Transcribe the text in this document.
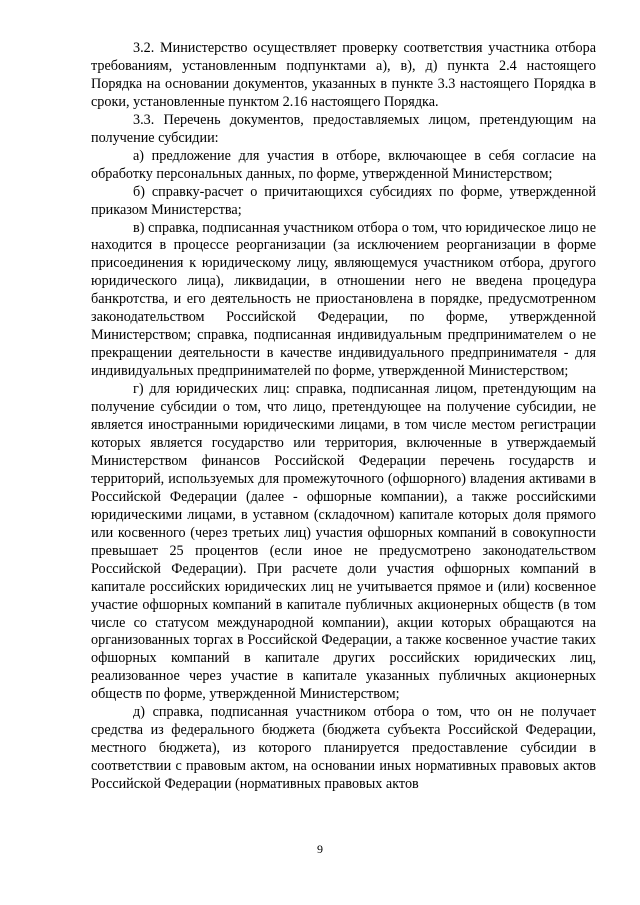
3.2. Министерство осуществляет проверку соответствия участника отбора требованиям, установленным подпунктами а), в), д) пункта 2.4 настоящего Порядка на основании документов, указанных в пункте 3.3 настоящего Порядка в сроки, установленные пунктом 2.16 настоящего Порядка.

3.3. Перечень документов, предоставляемых лицом, претендующим на получение субсидии:

а) предложение для участия в отборе, включающее в себя согласие на обработку персональных данных, по форме, утвержденной Министерством;

б) справку-расчет о причитающихся субсидиях по форме, утвержденной приказом Министерства;

в) справка, подписанная участником отбора о том, что юридическое лицо не находится в процессе реорганизации (за исключением реорганизации в форме присоединения к юридическому лицу, являющемуся участником отбора, другого юридического лица), ликвидации, в отношении него не введена процедура банкротства, и его деятельность не приостановлена в порядке, предусмотренном законодательством Российской Федерации, по форме, утвержденной Министерством; справка, подписанная индивидуальным предпринимателем о не прекращении деятельности в качестве индивидуального предпринимателя - для индивидуальных предпринимателей по форме, утвержденной Министерством;

г) для юридических лиц: справка, подписанная лицом, претендующим на получение субсидии о том, что лицо, претендующее на получение субсидии, не является иностранными юридическими лицами, в том числе местом регистрации которых является государство или территория, включенные в утверждаемый Министерством финансов Российской Федерации перечень государств и территорий, используемых для промежуточного (офшорного) владения активами в Российской Федерации (далее - офшорные компании), а также российскими юридическими лицами, в уставном (складочном) капитале которых доля прямого или косвенного (через третьих лиц) участия офшорных компаний в совокупности превышает 25 процентов (если иное не предусмотрено законодательством Российской Федерации). При расчете доли участия офшорных компаний в капитале российских юридических лиц не учитывается прямое и (или) косвенное участие офшорных компаний в капитале публичных акционерных обществ (в том числе со статусом международной компании), акции которых обращаются на организованных торгах в Российской Федерации, а также косвенное участие таких офшорных компаний в капитале других российских юридических лиц, реализованное через участие в капитале указанных публичных акционерных обществ по форме, утвержденной Министерством;

д) справка, подписанная участником отбора о том, что он не получает средства из федерального бюджета (бюджета субъекта Российской Федерации, местного бюджета), из которого планируется предоставление субсидии в соответствии с правовым актом, на основании иных нормативных правовых актов Российской Федерации (нормативных правовых актов

9
